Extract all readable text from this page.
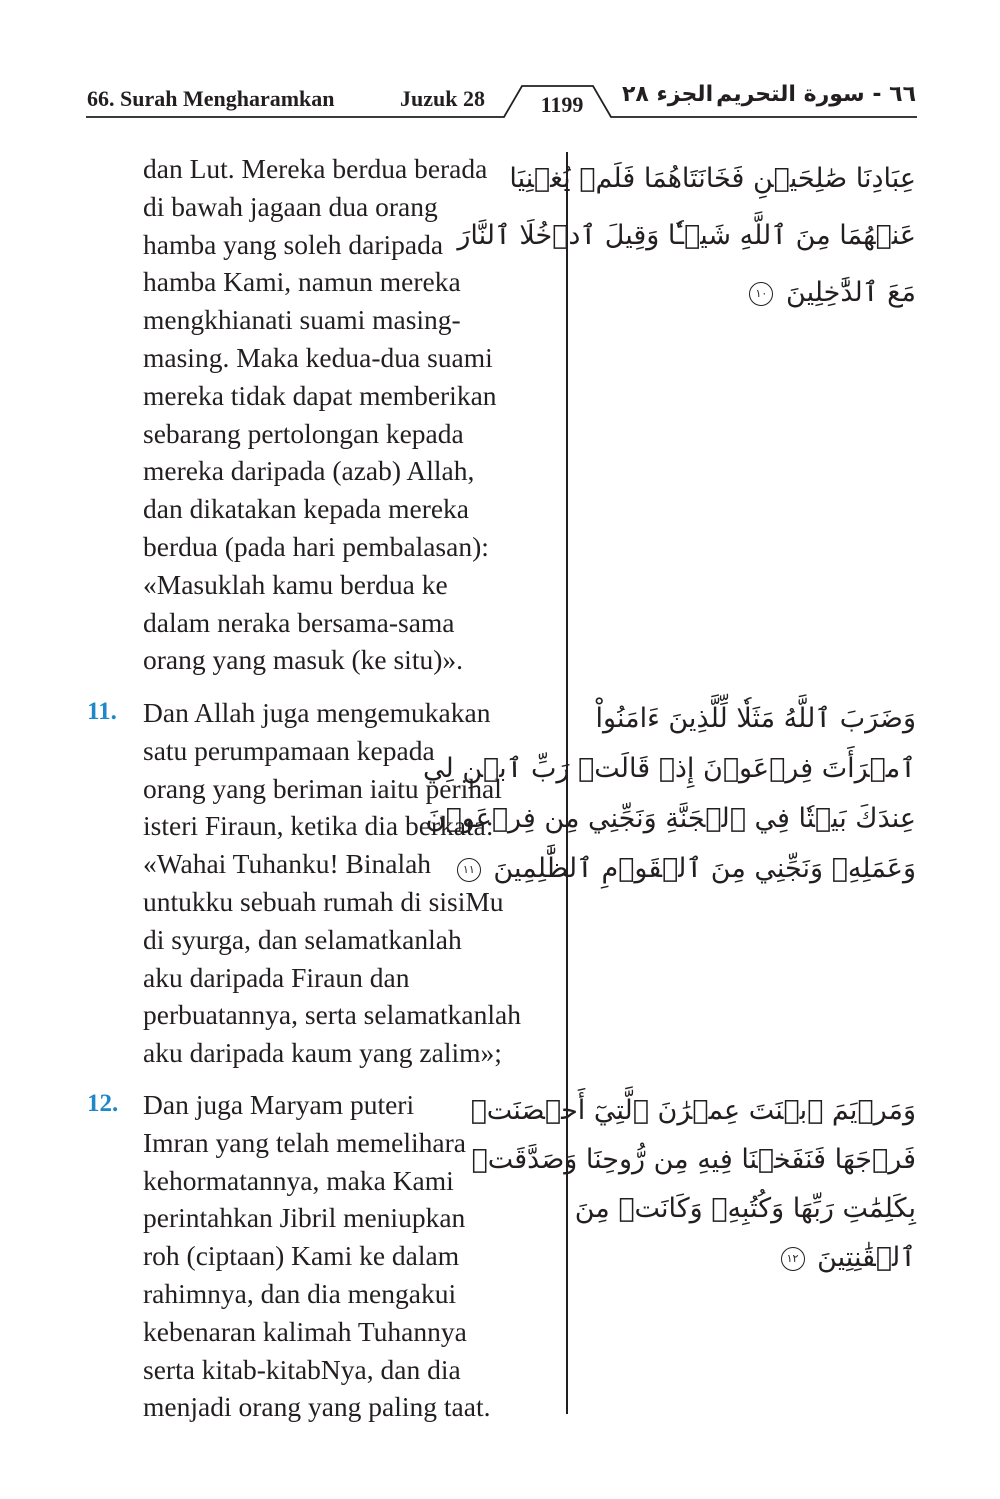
66. Surah Mengharamkan	Juzuk 28	1199	الجزء ٢٨ ٦٦ - سورة التحريم
dan Lut. Mereka berdua berada
di bawah jagaan dua orang
hamba yang soleh daripada
hamba Kami, namun mereka
mengkhianati suami masing-
masing. Maka kedua-dua suami
mereka tidak dapat memberikan
sebarang pertolongan kepada
mereka daripada (azab) Allah,
dan dikatakan kepada mereka
berdua (pada hari pembalasan):
«Masuklah kamu berdua ke
dalam neraka bersama-sama
orang yang masuk (ke situ)».
عِبَادِنَا صَٰلِحَيۡنِ فَخَانَتَاهُمَا فَلَمۡ يُغۡنِيَا
عَنۡهُمَا مِنَ ٱللَّهِ شَيۡـٔٗا وَقِيلَ ٱدۡخُلَا ٱلنَّارَ
مَعَ ٱلدَّٰخِلِينَ ١٠
11. Dan Allah juga mengemukakan
satu perumpamaan kepada
orang yang beriman iaitu perihal
isteri Firaun, ketika dia berkata:
«Wahai Tuhanku! Binalah
untukku sebuah rumah di sisiMu
di syurga, dan selamatkanlah
aku daripada Firaun dan
perbuatannya, serta selamatkanlah
aku daripada kaum yang zalim»;
وَضَرَبَ ٱللَّهُ مَثَلٗا لِّلَّذِينَ ءَامَنُواْ
ٱمۡرَأَتَ فِرۡعَوۡنَ إِذۡ قَالَتۡ رَبِّ ٱبۡنِ لِي
عِندَكَ بَيۡتٗا فِي ٱلۡجَنَّةِ وَنَجِّنِي مِن فِرۡعَوۡنَ
وَعَمَلِهِۦ وَنَجِّنِي مِنَ ٱلۡقَوۡمِ ٱلظَّٰلِمِينَ ١١
12. Dan juga Maryam puteri
Imran yang telah memelihara
kehormatannya, maka Kami
perintahkan Jibril meniupkan
roh (ciptaan) Kami ke dalam
rahimnya, dan dia mengakui
kebenaran kalimah Tuhannya
serta kitab-kitabNya, dan dia
menjadi orang yang paling taat.
وَمَرۡيَمَ ٱبۡنَتَ عِمۡرَٰنَ ٱلَّتِيٓ أَحۡصَنَتۡ
فَرۡجَهَا فَنَفَخۡنَا فِيهِ مِن رُّوحِنَا وَصَدَّقَتۡ
بِكَلِمَٰتِ رَبِّهَا وَكُتُبِهِۦ وَكَانَتۡ مِنَ
ٱلۡقَٰنِتِينَ ١٢
